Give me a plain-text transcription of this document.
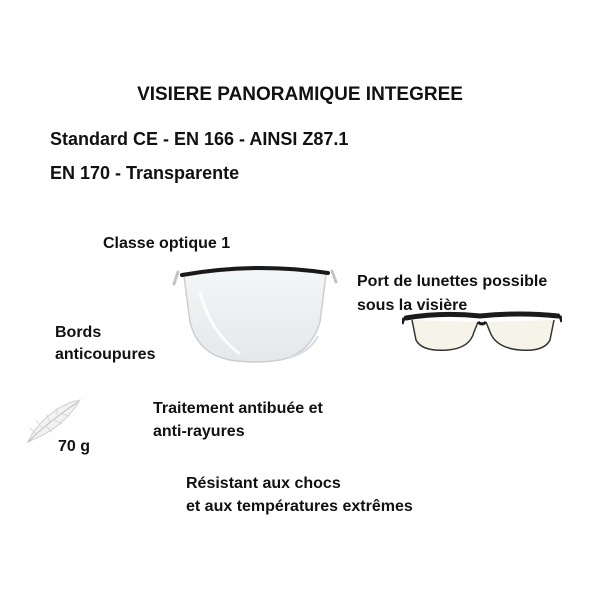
VISIERE PANORAMIQUE INTEGREE
Standard CE - EN 166 - AINSI Z87.1
EN 170 - Transparente
Classe optique 1
Port de lunettes possible
sous la visière
Bords
anticoupures
Traitement antibuée et
anti-rayures
70 g
Résistant aux chocs
et aux températures extrêmes
